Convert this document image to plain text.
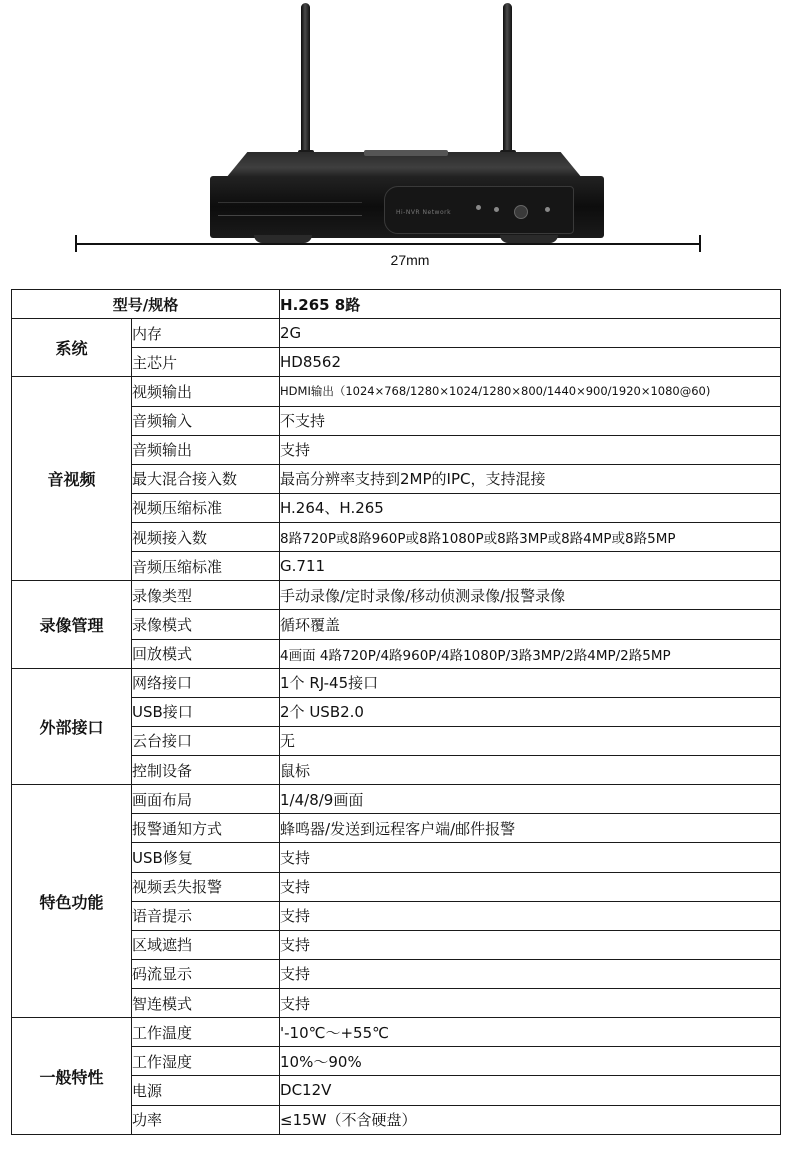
Hi-NVR Network
27mm
型号/规格		H.265 8路
系统	内存	2G
	主芯片	HD8562
音视频	视频输出	HDMI输出（1024×768/1280×1024/1280×800/1440×900/1920×1080@60)
	音频输入	不支持
	音频输出	支持
	最大混合接入数	最高分辨率支持到2MP的IPC，支持混接
	视频压缩标准	H.264、H.265
	视频接入数	8路720P或8路960P或8路1080P或8路3MP或8路4MP或8路5MP
	音频压缩标准	G.711
录像管理	录像类型	手动录像/定时录像/移动侦测录像/报警录像
	录像模式	循环覆盖
	回放模式	4画面 4路720P/4路960P/4路1080P/3路3MP/2路4MP/2路5MP
外部接口	网络接口	1个 RJ-45接口
	USB接口	2个 USB2.0
	云台接口	无
	控制设备	鼠标
特色功能	画面布局	1/4/8/9画面
	报警通知方式	蜂鸣器/发送到远程客户端/邮件报警
	USB修复	支持
	视频丢失报警	支持
	语音提示	支持
	区域遮挡	支持
	码流显示	支持
	智连模式	支持
一般特性	工作温度	'-10℃～+55℃
	工作湿度	10%～90%
	电源	DC12V
	功率	≤15W（不含硬盘）
